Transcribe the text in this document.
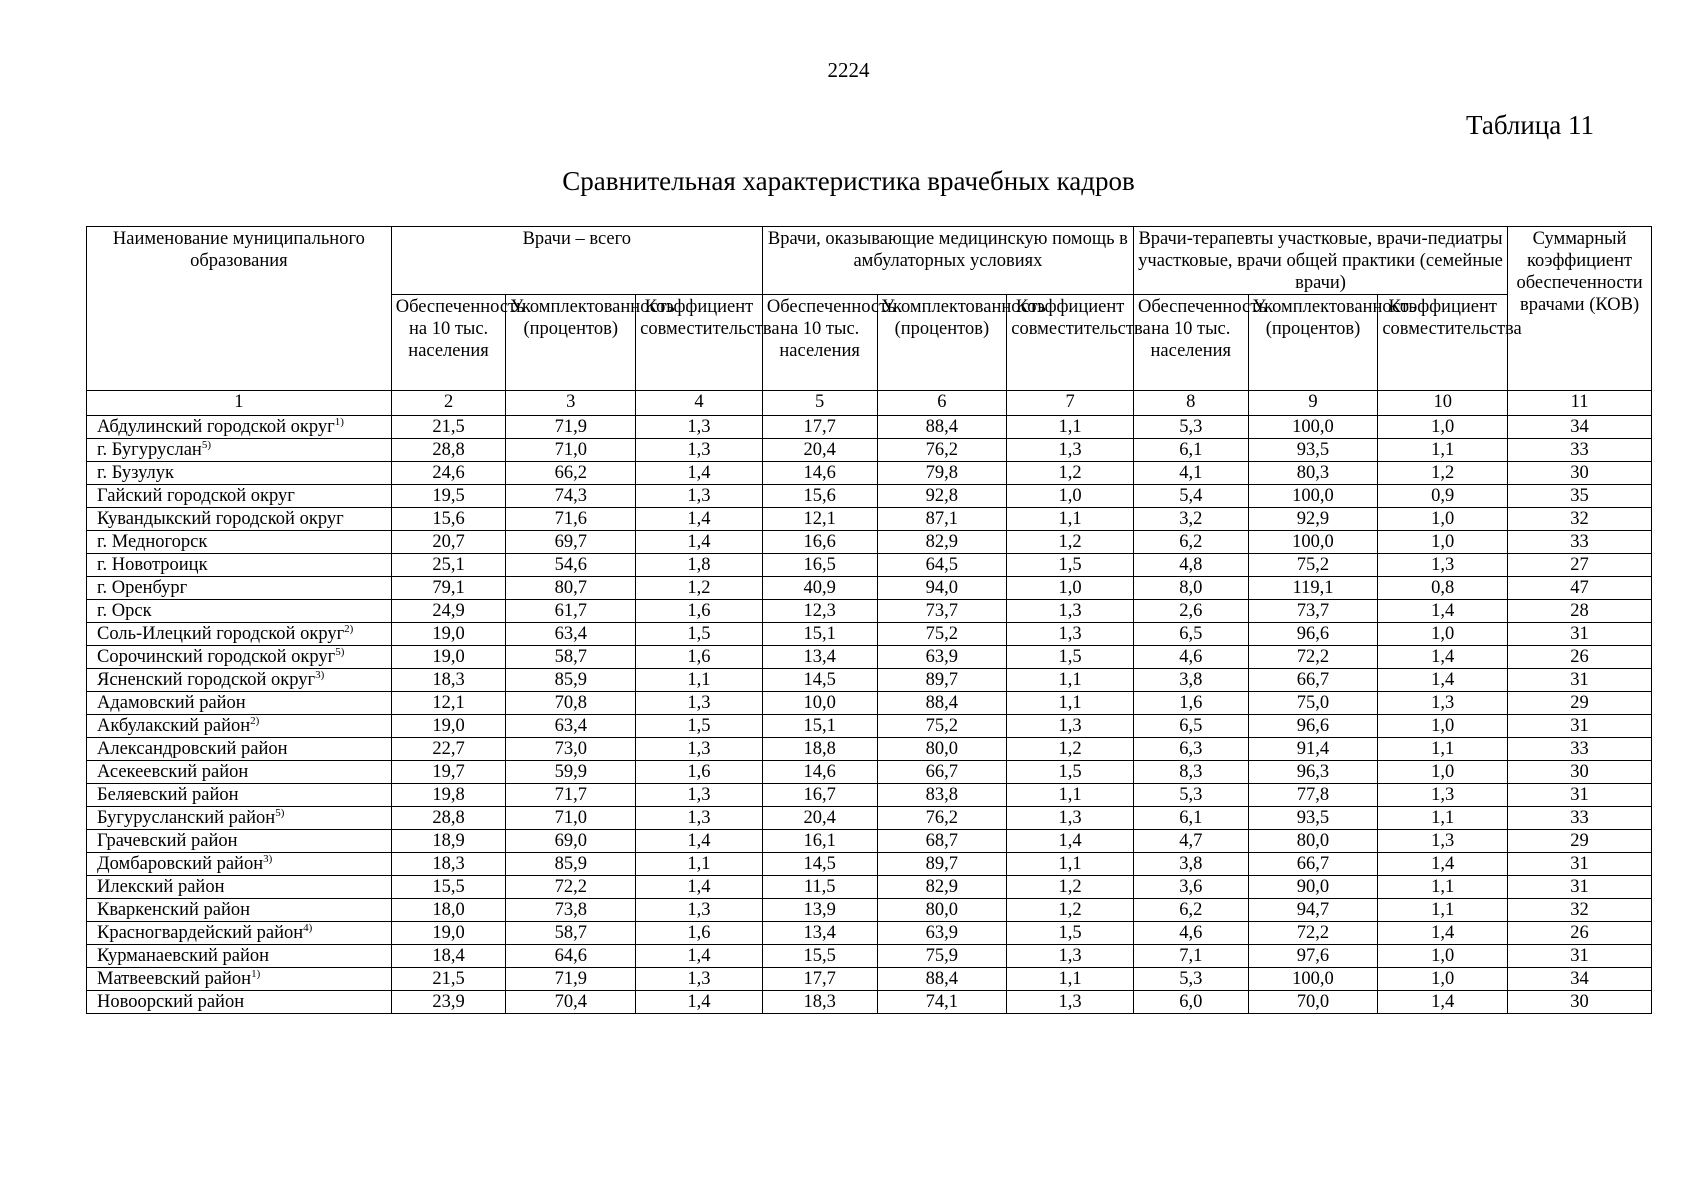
2224
Таблица 11
Сравнительная характеристика врачебных кадров
Наименование муниципального образования	Врачи – всего			Врачи, оказывающие медицинскую помощь в амбулаторных условиях			Врачи-терапевты участковые, врачи-педиатры участковые, врачи общей практики (семейные врачи)			Суммарный коэффициент обеспеченности врачами (КОВ)
	Обеспеченность на 10 тыс. населения	Укомплектованность (процентов)	Коэффициент совместительства	Обеспеченность на 10 тыс. населения	Укомплектованность (процентов)	Коэффициент совместительства	Обеспеченность на 10 тыс. населения	Укомплектованность (процентов)	Коэффициент совместительства	
1	2	3	4	5	6	7	8	9	10	11
Абдулинский городской округ$^{1)}$	21,5	71,9	1,3	17,7	88,4	1,1	5,3	100,0	1,0	34
г. Бугуруслан$^{5)}$	28,8	71,0	1,3	20,4	76,2	1,3	6,1	93,5	1,1	33
г. Бузулук	24,6	66,2	1,4	14,6	79,8	1,2	4,1	80,3	1,2	30
Гайский городской округ	19,5	74,3	1,3	15,6	92,8	1,0	5,4	100,0	0,9	35
Кувандыкский городской округ	15,6	71,6	1,4	12,1	87,1	1,1	3,2	92,9	1,0	32
г. Медногорск	20,7	69,7	1,4	16,6	82,9	1,2	6,2	100,0	1,0	33
г. Новотроицк	25,1	54,6	1,8	16,5	64,5	1,5	4,8	75,2	1,3	27
г. Оренбург	79,1	80,7	1,2	40,9	94,0	1,0	8,0	119,1	0,8	47
г. Орск	24,9	61,7	1,6	12,3	73,7	1,3	2,6	73,7	1,4	28
Соль-Илецкий городской округ$^{2)}$	19,0	63,4	1,5	15,1	75,2	1,3	6,5	96,6	1,0	31
Сорочинский городской округ$^{5)}$	19,0	58,7	1,6	13,4	63,9	1,5	4,6	72,2	1,4	26
Ясненский городской округ$^{3)}$	18,3	85,9	1,1	14,5	89,7	1,1	3,8	66,7	1,4	31
Адамовский район	12,1	70,8	1,3	10,0	88,4	1,1	1,6	75,0	1,3	29
Акбулакский район$^{2)}$	19,0	63,4	1,5	15,1	75,2	1,3	6,5	96,6	1,0	31
Александровский район	22,7	73,0	1,3	18,8	80,0	1,2	6,3	91,4	1,1	33
Асекеевский район	19,7	59,9	1,6	14,6	66,7	1,5	8,3	96,3	1,0	30
Беляевский район	19,8	71,7	1,3	16,7	83,8	1,1	5,3	77,8	1,3	31
Бугурусланский район$^{5)}$	28,8	71,0	1,3	20,4	76,2	1,3	6,1	93,5	1,1	33
Грачевский район	18,9	69,0	1,4	16,1	68,7	1,4	4,7	80,0	1,3	29
Домбаровский район$^{3)}$	18,3	85,9	1,1	14,5	89,7	1,1	3,8	66,7	1,4	31
Илекский район	15,5	72,2	1,4	11,5	82,9	1,2	3,6	90,0	1,1	31
Кваркенский район	18,0	73,8	1,3	13,9	80,0	1,2	6,2	94,7	1,1	32
Красногвардейский район$^{4)}$	19,0	58,7	1,6	13,4	63,9	1,5	4,6	72,2	1,4	26
Курманаевский район	18,4	64,6	1,4	15,5	75,9	1,3	7,1	97,6	1,0	31
Матвеевский район$^{1)}$	21,5	71,9	1,3	17,7	88,4	1,1	5,3	100,0	1,0	34
Новоорский район	23,9	70,4	1,4	18,3	74,1	1,3	6,0	70,0	1,4	30
